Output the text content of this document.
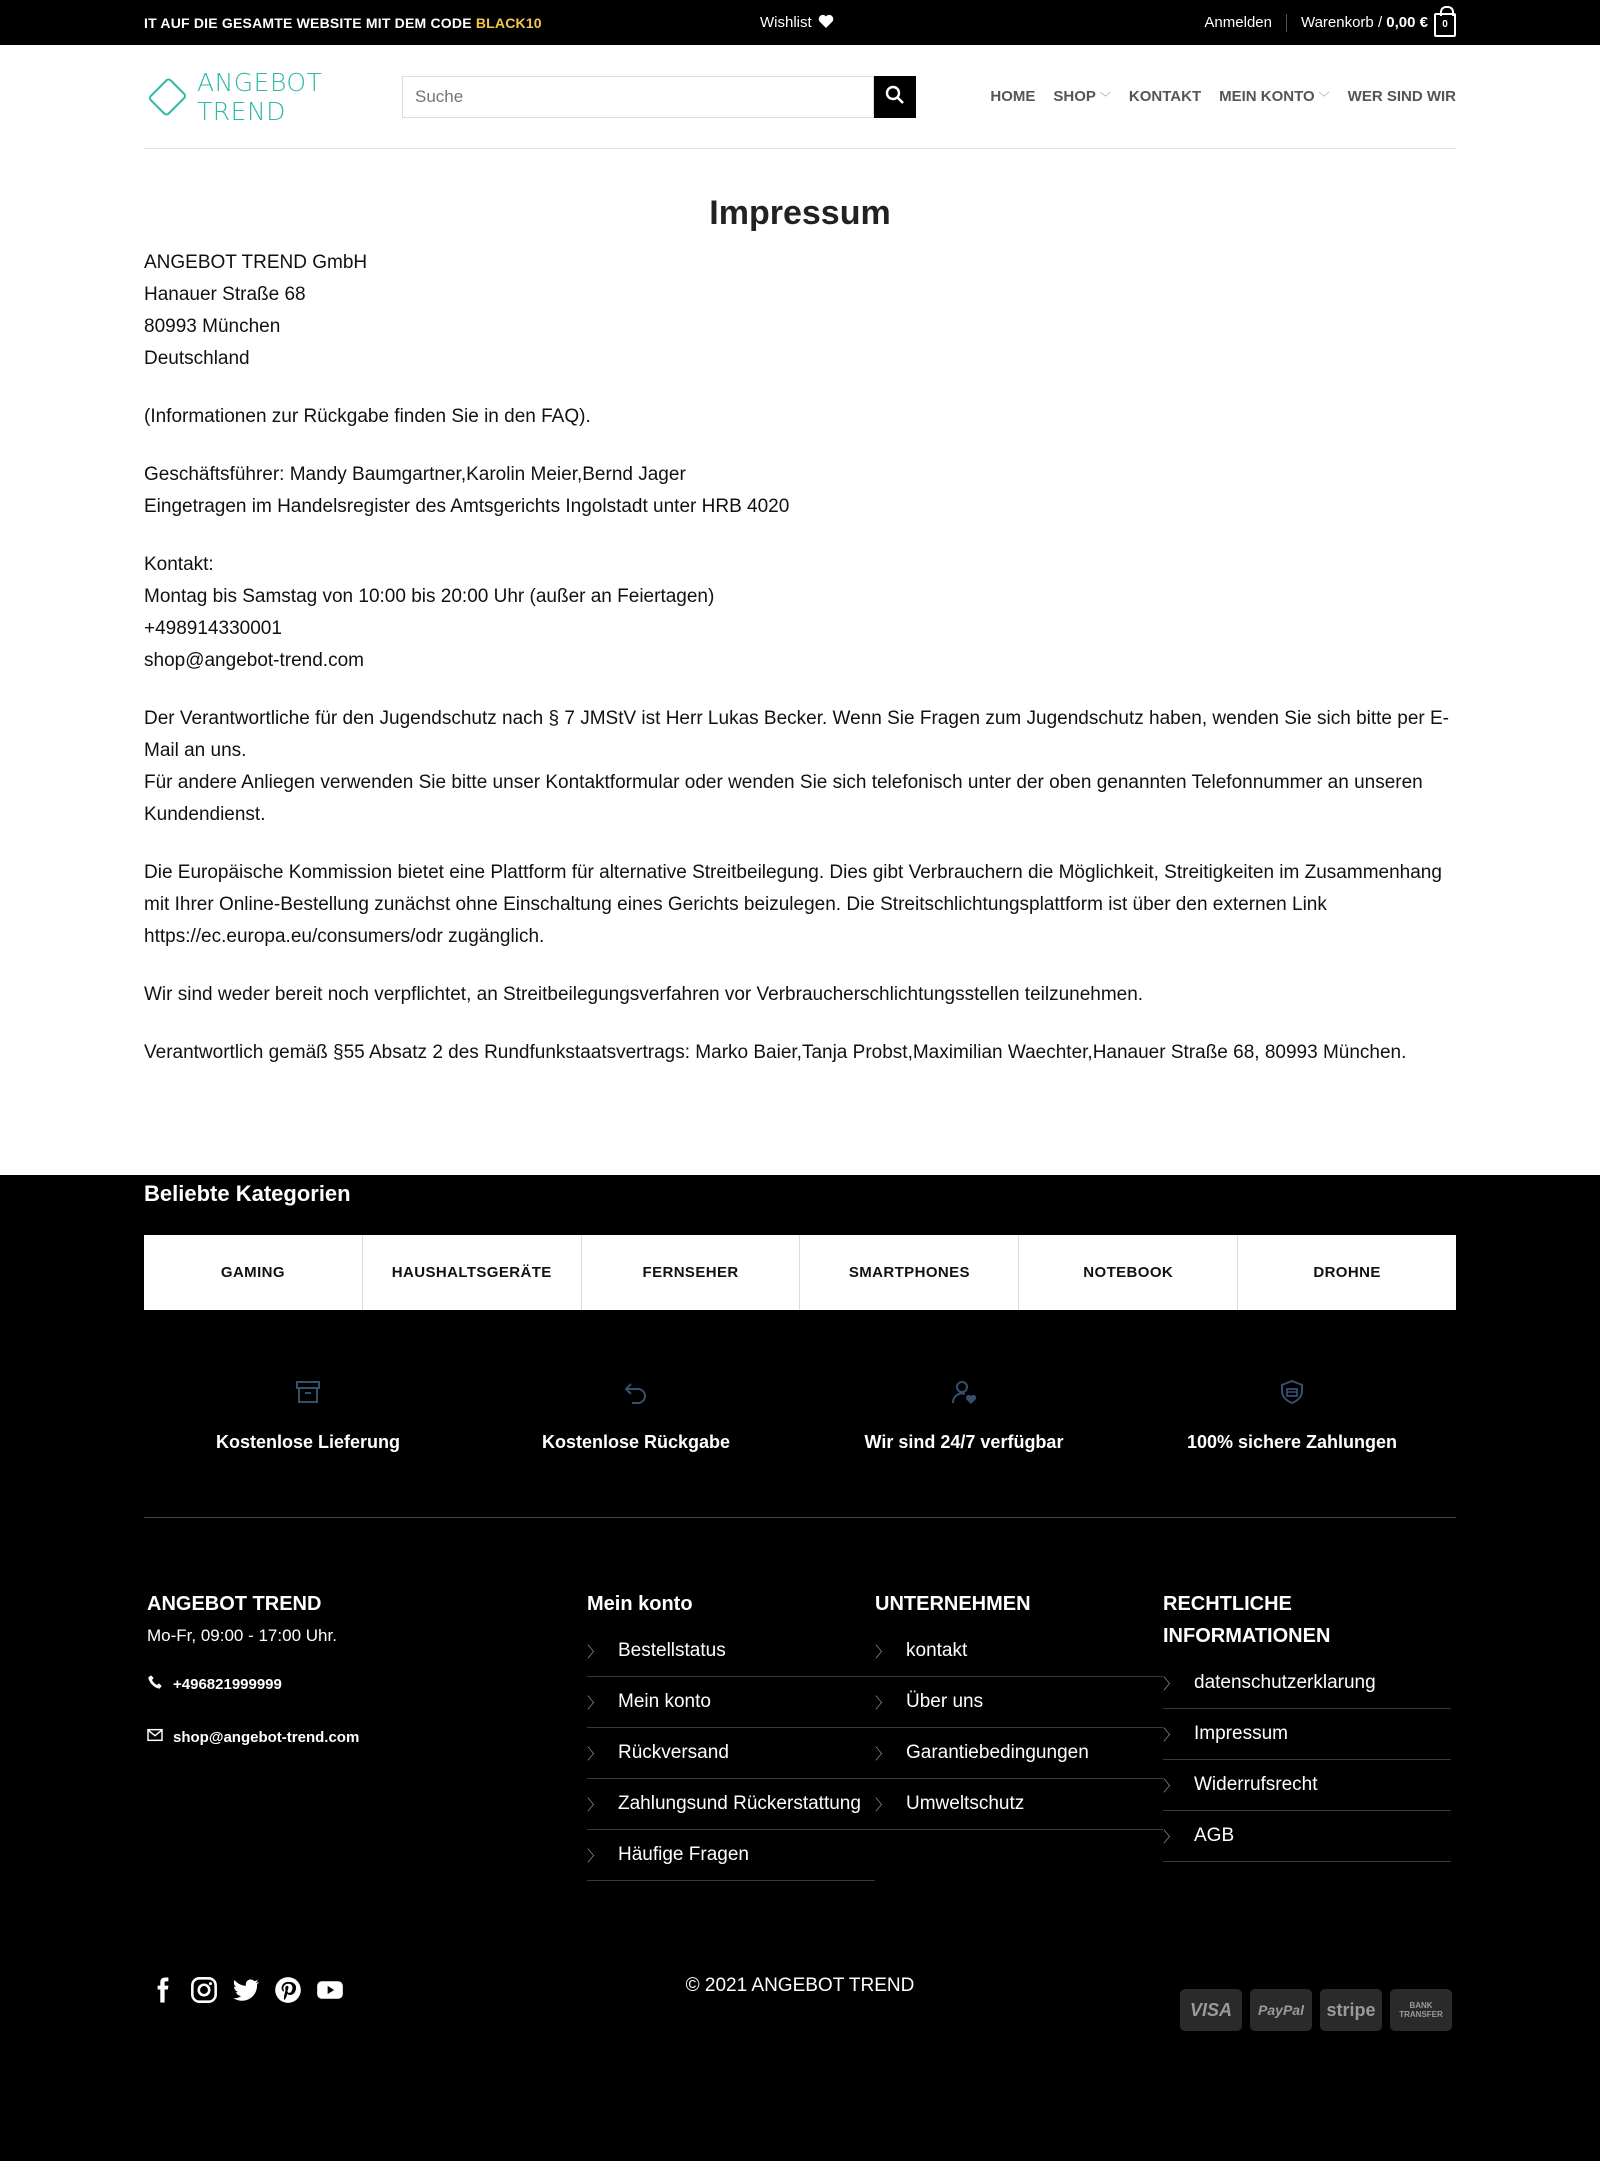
IT AUF DIE GESAMTE WEBSITE MIT DEM CODE BLACK10	Wishlist	Anmelden Warenkorb / 0,00 €	0
ANGEBOT TREND
Suche	HOME SHOP ﹀ KONTAKT MEIN KONTO ﹀ WER SIND WIR
Impressum
ANGEBOT TREND GmbH
Hanauer Straße 68
80993 München
Deutschland
(Informationen zur Rückgabe finden Sie in den FAQ).
Geschäftsführer: Mandy Baumgartner,Karolin Meier,Bernd Jager
Eingetragen im Handelsregister des Amtsgerichts Ingolstadt unter HRB 4020
Kontakt:
Montag bis Samstag von 10:00 bis 20:00 Uhr (außer an Feiertagen)
+498914330001
shop@angebot-trend.com
Der Verantwortliche für den Jugendschutz nach § 7 JMStV ist Herr Lukas Becker. Wenn Sie Fragen zum Jugendschutz haben, wenden Sie sich bitte per E-Mail an uns.
Für andere Anliegen verwenden Sie bitte unser Kontaktformular oder wenden Sie sich telefonisch unter der oben genannten Telefonnummer an unseren Kundendienst.
Die Europäische Kommission bietet eine Plattform für alternative Streitbeilegung. Dies gibt Verbrauchern die Möglichkeit, Streitigkeiten im Zusammenhang mit Ihrer Online-Bestellung zunächst ohne Einschaltung eines Gerichts beizulegen. Die Streitschlichtungsplattform ist über den externen Link https://ec.europa.eu/consumers/odr zugänglich.
Wir sind weder bereit noch verpflichtet, an Streitbeilegungsverfahren vor Verbraucherschlichtungsstellen teilzunehmen.
Verantwortlich gemäß §55 Absatz 2 des Rundfunkstaatsvertrags: Marko Baier,Tanja Probst,Maximilian Waechter,Hanauer Straße 68, 80993 München.
Beliebte Kategorien
GAMING	HAUSHALTSGERÄTE	FERNSEHER	SMARTPHONES	NOTEBOOK	DROHNE
Kostenlose Lieferung	Kostenlose Rückgabe	Wir sind 24/7 verfügbar	100% sichere Zahlungen
ANGEBOT TREND
Mo-Fr, 09:00 - 17:00 Uhr.
+496821999999
shop@angebot-trend.com
Mein konto
〉 Bestellstatus
〉 Mein konto
〉 Rückversand
〉 Zahlungsund Rückerstattung
〉 Häufige Fragen
UNTERNEHMEN
〉 kontakt
〉 Über uns
〉 Garantiebedingungen
〉 Umweltschutz
RECHTLICHE INFORMATIONEN
〉 datenschutzerklarung
〉 Impressum
〉 Widerrufsrecht
〉 AGB
© 2021 ANGEBOT TREND
VISA	PayPal	stripe	BANK TRANSFER
